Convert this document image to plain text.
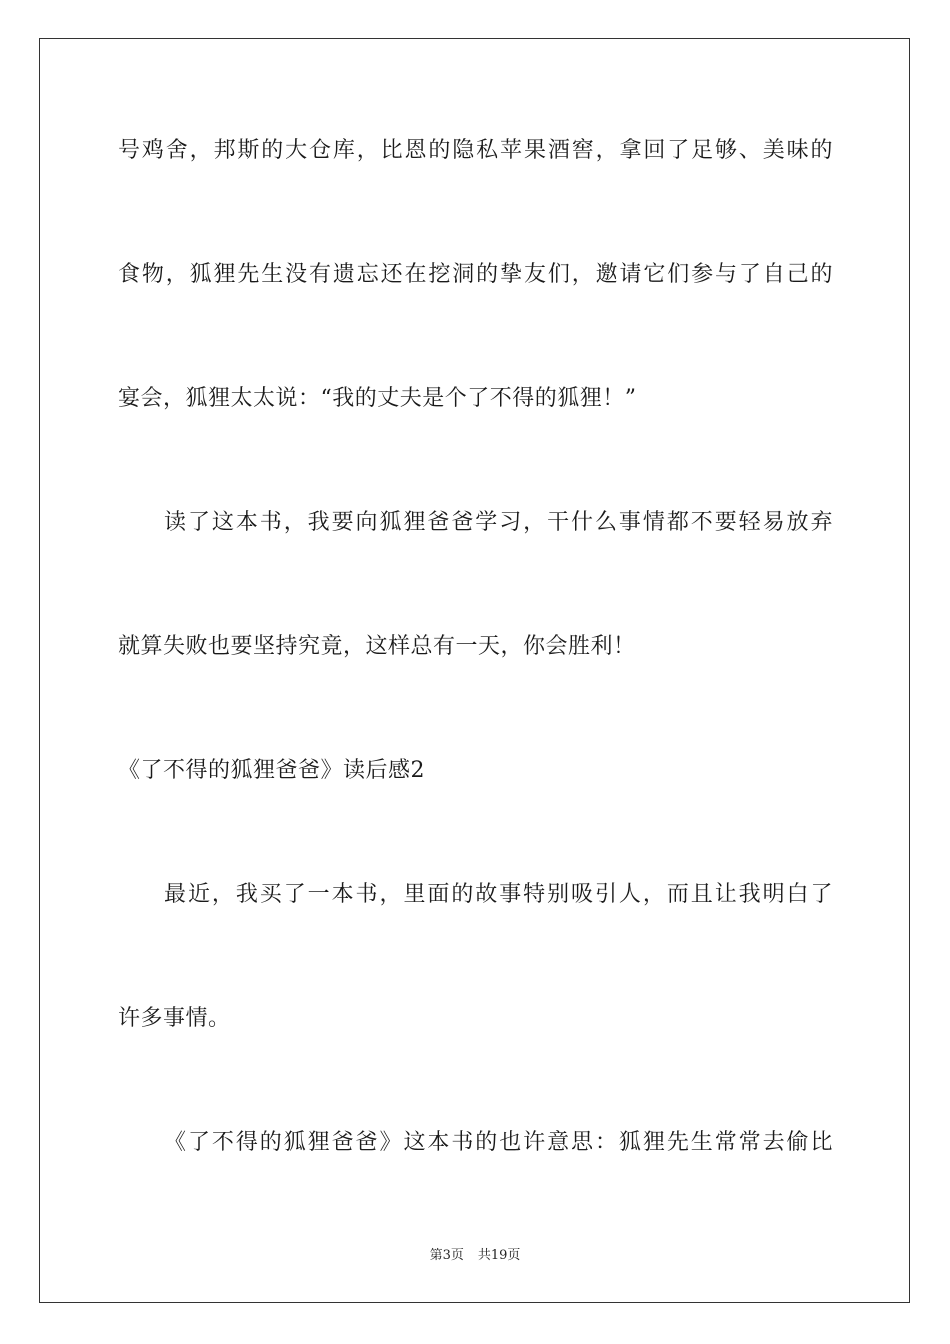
号鸡舍，邦斯的大仓库，比恩的隐私苹果酒窖，拿回了足够、美味的
食物，狐狸先生没有遗忘还在挖洞的挚友们，邀请它们参与了自己的
宴会，狐狸太太说：“我的丈夫是个了不得的狐狸！”
读了这本书，我要向狐狸爸爸学习，干什么事情都不要轻易放弃
就算失败也要坚持究竟，这样总有一天，你会胜利！
《了不得的狐狸爸爸》读后感2
最近，我买了一本书，里面的故事特别吸引人，而且让我明白了
许多事情。
《了不得的狐狸爸爸》这本书的也许意思：狐狸先生常常去偷比
第3页 共19页
